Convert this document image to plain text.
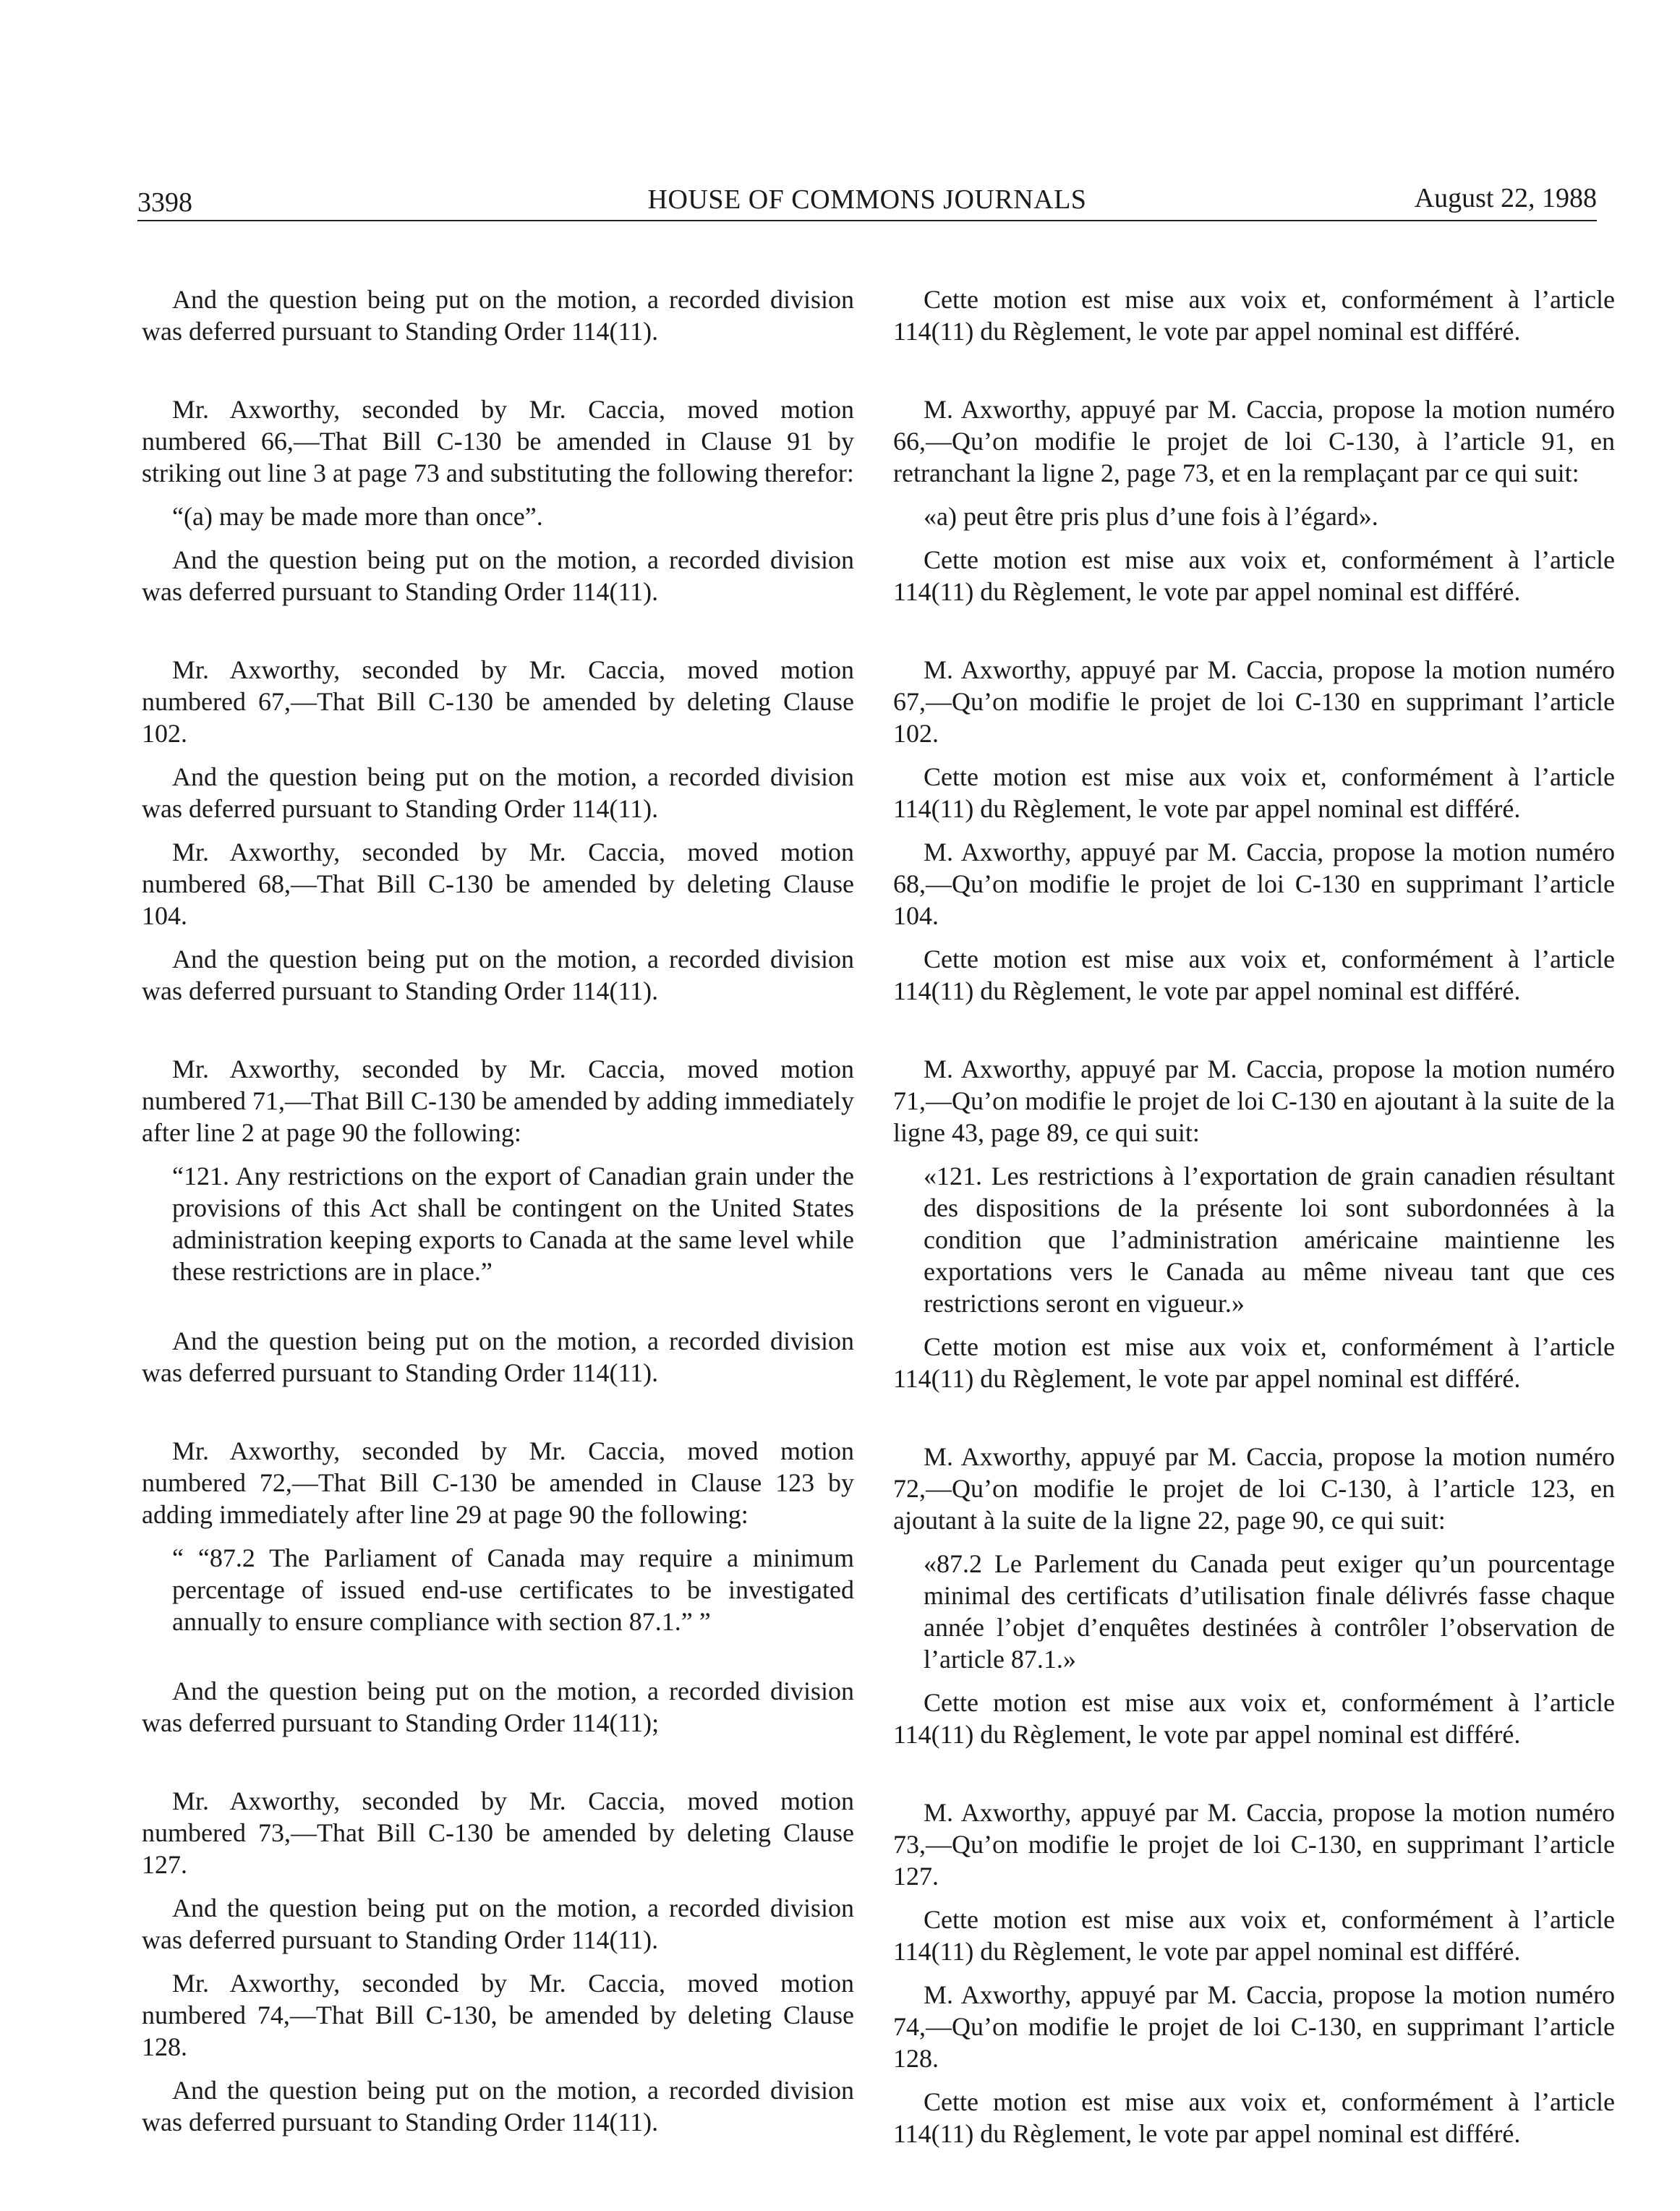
3398	HOUSE OF COMMONS JOURNALS	August 22, 1988

And the question being put on the motion, a recorded division was deferred pursuant to Standing Order 114(11).

Mr. Axworthy, seconded by Mr. Caccia, moved motion numbered 66,—That Bill C-130 be amended in Clause 91 by striking out line 3 at page 73 and substituting the following therefor:

“(a) may be made more than once”.

And the question being put on the motion, a recorded division was deferred pursuant to Standing Order 114(11).

Mr. Axworthy, seconded by Mr. Caccia, moved motion numbered 67,—That Bill C-130 be amended by deleting Clause 102.

And the question being put on the motion, a recorded division was deferred pursuant to Standing Order 114(11).

Mr. Axworthy, seconded by Mr. Caccia, moved motion numbered 68,—That Bill C-130 be amended by deleting Clause 104.

And the question being put on the motion, a recorded division was deferred pursuant to Standing Order 114(11).

Mr. Axworthy, seconded by Mr. Caccia, moved motion numbered 71,—That Bill C-130 be amended by adding immediately after line 2 at page 90 the following:

“121. Any restrictions on the export of Canadian grain under the provisions of this Act shall be contingent on the United States administration keeping exports to Canada at the same level while these restrictions are in place.”

And the question being put on the motion, a recorded division was deferred pursuant to Standing Order 114(11).

Mr. Axworthy, seconded by Mr. Caccia, moved motion numbered 72,—That Bill C-130 be amended in Clause 123 by adding immediately after line 29 at page 90 the following:

“ “87.2 The Parliament of Canada may require a minimum percentage of issued end-use certificates to be investigated annually to ensure compliance with section 87.1.” ”

And the question being put on the motion, a recorded division was deferred pursuant to Standing Order 114(11);

Mr. Axworthy, seconded by Mr. Caccia, moved motion numbered 73,—That Bill C-130 be amended by deleting Clause 127.

And the question being put on the motion, a recorded division was deferred pursuant to Standing Order 114(11).

Mr. Axworthy, seconded by Mr. Caccia, moved motion numbered 74,—That Bill C-130, be amended by deleting Clause 128.

And the question being put on the motion, a recorded division was deferred pursuant to Standing Order 114(11).

Cette motion est mise aux voix et, conformément à l’article 114(11) du Règlement, le vote par appel nominal est différé.

M. Axworthy, appuyé par M. Caccia, propose la motion numéro 66,—Qu’on modifie le projet de loi C-130, à l’article 91, en retranchant la ligne 2, page 73, et en la remplaçant par ce qui suit:

«a) peut être pris plus d’une fois à l’égard».

Cette motion est mise aux voix et, conformément à l’article 114(11) du Règlement, le vote par appel nominal est différé.

M. Axworthy, appuyé par M. Caccia, propose la motion numéro 67,—Qu’on modifie le projet de loi C-130 en supprimant l’article 102.

Cette motion est mise aux voix et, conformément à l’article 114(11) du Règlement, le vote par appel nominal est différé.

M. Axworthy, appuyé par M. Caccia, propose la motion numéro 68,—Qu’on modifie le projet de loi C-130 en supprimant l’article 104.

Cette motion est mise aux voix et, conformément à l’article 114(11) du Règlement, le vote par appel nominal est différé.

M. Axworthy, appuyé par M. Caccia, propose la motion numéro 71,—Qu’on modifie le projet de loi C-130 en ajoutant à la suite de la ligne 43, page 89, ce qui suit:

«121. Les restrictions à l’exportation de grain canadien résultant des dispositions de la présente loi sont subordonnées à la condition que l’administration américaine maintienne les exportations vers le Canada au même niveau tant que ces restrictions seront en vigueur.»

Cette motion est mise aux voix et, conformément à l’article 114(11) du Règlement, le vote par appel nominal est différé.

M. Axworthy, appuyé par M. Caccia, propose la motion numéro 72,—Qu’on modifie le projet de loi C-130, à l’article 123, en ajoutant à la suite de la ligne 22, page 90, ce qui suit:

«87.2 Le Parlement du Canada peut exiger qu’un pourcentage minimal des certificats d’utilisation finale délivrés fasse chaque année l’objet d’enquêtes destinées à contrôler l’observation de l’article 87.1.»

Cette motion est mise aux voix et, conformément à l’article 114(11) du Règlement, le vote par appel nominal est différé.

M. Axworthy, appuyé par M. Caccia, propose la motion numéro 73,—Qu’on modifie le projet de loi C-130, en supprimant l’article 127.

Cette motion est mise aux voix et, conformément à l’article 114(11) du Règlement, le vote par appel nominal est différé.

M. Axworthy, appuyé par M. Caccia, propose la motion numéro 74,—Qu’on modifie le projet de loi C-130, en supprimant l’article 128.

Cette motion est mise aux voix et, conformément à l’article 114(11) du Règlement, le vote par appel nominal est différé.
